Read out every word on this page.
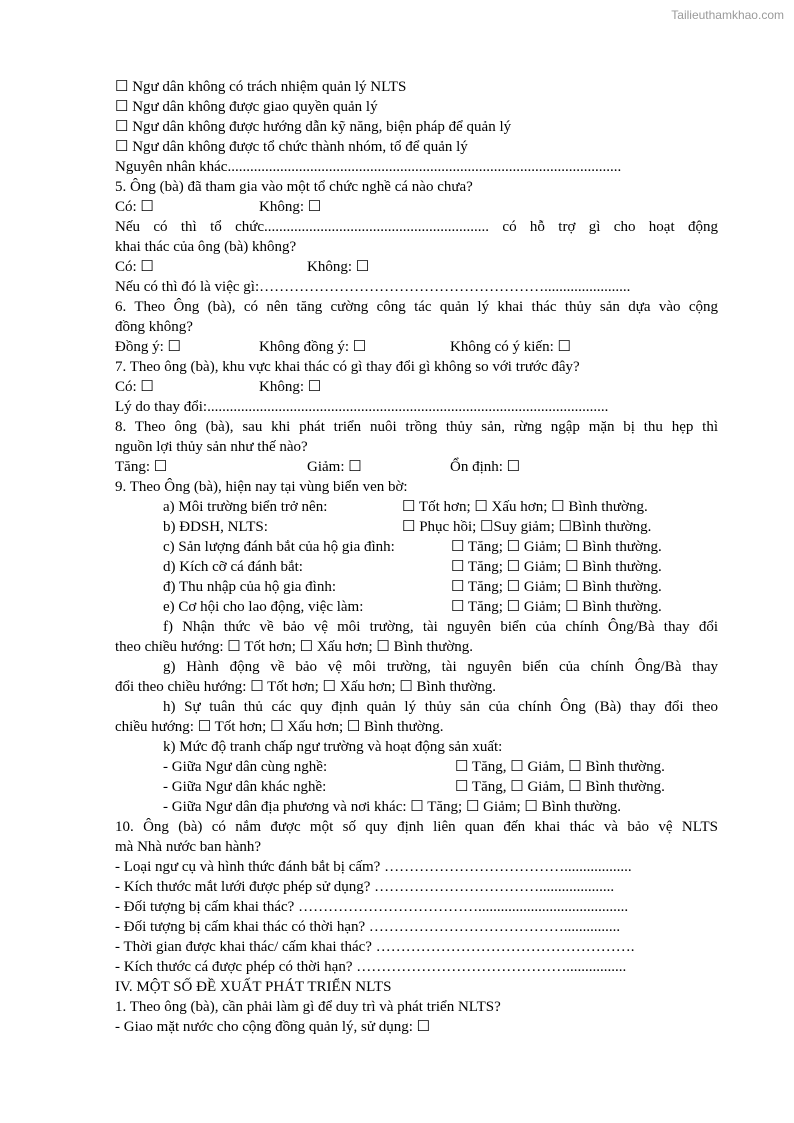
Tailieuthamkhao.com
☐ Ngư dân không có trách nhiệm quản lý NLTS
☐ Ngư dân không được giao quyền quản lý
☐ Ngư dân không được hướng dẫn kỹ năng, biện pháp để quản lý
☐ Ngư dân không được tổ chức thành nhóm, tổ để quản lý
Nguyên nhân khác.........................................................................................................
5. Ông (bà) đã tham gia vào một tổ chức nghề cá nào chưa?
Có: ☐	Không: ☐
Nếu có thì tổ chức............................................................ có hỗ trợ gì cho hoạt động
khai thác của ông (bà) không?
Có: ☐	Không: ☐
Nếu có thì đó là việc gì:………………………………………………….......................
6. Theo Ông (bà), có nên tăng cường công tác quản lý khai thác thủy sản dựa vào cộng
đồng không?
Đồng ý: ☐	Không đồng ý: ☐	Không có ý kiến: ☐
7. Theo ông (bà), khu vực khai thác có gì thay đổi gì không so với trước đây?
Có: ☐	Không: ☐
Lý do thay đổi:...........................................................................................................
8. Theo ông (bà), sau khi phát triển nuôi trồng thủy sản, rừng ngập mặn bị thu hẹp thì
nguồn lợi thủy sản như thế nào?
Tăng: ☐	Giảm: ☐	Ổn định: ☐
9. Theo Ông (bà), hiện nay tại vùng biển ven bờ:
a) Môi trường biển trở nên:	☐ Tốt hơn; ☐ Xấu hơn; ☐ Bình thường.
b) ĐDSH, NLTS:	☐ Phục hồi; ☐Suy giảm; ☐Bình thường.
c) Sản lượng đánh bắt của hộ gia đình:	☐ Tăng; ☐ Giảm; ☐ Bình thường.
d) Kích cỡ cá đánh bắt:	☐ Tăng; ☐ Giảm; ☐ Bình thường.
đ) Thu nhập của hộ gia đình:	☐ Tăng; ☐ Giảm; ☐ Bình thường.
e) Cơ hội cho lao động, việc làm:	☐ Tăng; ☐ Giảm; ☐ Bình thường.
f) Nhận thức về bảo vệ môi trường, tài nguyên biển của chính Ông/Bà thay đổi
theo chiều hướng: ☐ Tốt hơn; ☐ Xấu hơn; ☐ Bình thường.
g) Hành động về bảo vệ môi trường, tài nguyên biển của chính Ông/Bà thay
đổi theo chiều hướng: ☐ Tốt hơn; ☐ Xấu hơn; ☐ Bình thường.
h) Sự tuân thủ các quy định quản lý thủy sản của chính Ông (Bà) thay đổi theo
chiều hướng: ☐ Tốt hơn; ☐ Xấu hơn; ☐ Bình thường.
k) Mức độ tranh chấp ngư trường và hoạt động sản xuất:
- Giữa Ngư dân cùng nghề:	☐ Tăng, ☐ Giảm, ☐ Bình thường.
- Giữa Ngư dân khác nghề:	☐ Tăng, ☐ Giảm, ☐ Bình thường.
- Giữa Ngư dân địa phương và nơi khác: ☐ Tăng; ☐ Giảm; ☐ Bình thường.
10. Ông (bà) có nắm được một số quy định liên quan đến khai thác và bảo vệ NLTS
mà Nhà nước ban hành?
- Loại ngư cụ và hình thức đánh bắt bị cấm? ………………………………..................
- Kích thước mắt lưới được phép sử dụng? ……………………………....................
- Đối tượng bị cấm khai thác? ………………………………........................................
- Đối tượng bị cấm khai thác có thời hạn? …………………………………...............
- Thời gian được khai thác/ cấm khai thác? …………………………………………….
- Kích thước cá được phép có thời hạn? ……………………………………................
IV. MỘT SỐ ĐỀ XUẤT PHÁT TRIỂN NLTS
1. Theo ông (bà), cần phải làm gì để duy trì và phát triển NLTS?
- Giao mặt nước cho cộng đồng quản lý, sử dụng: ☐
